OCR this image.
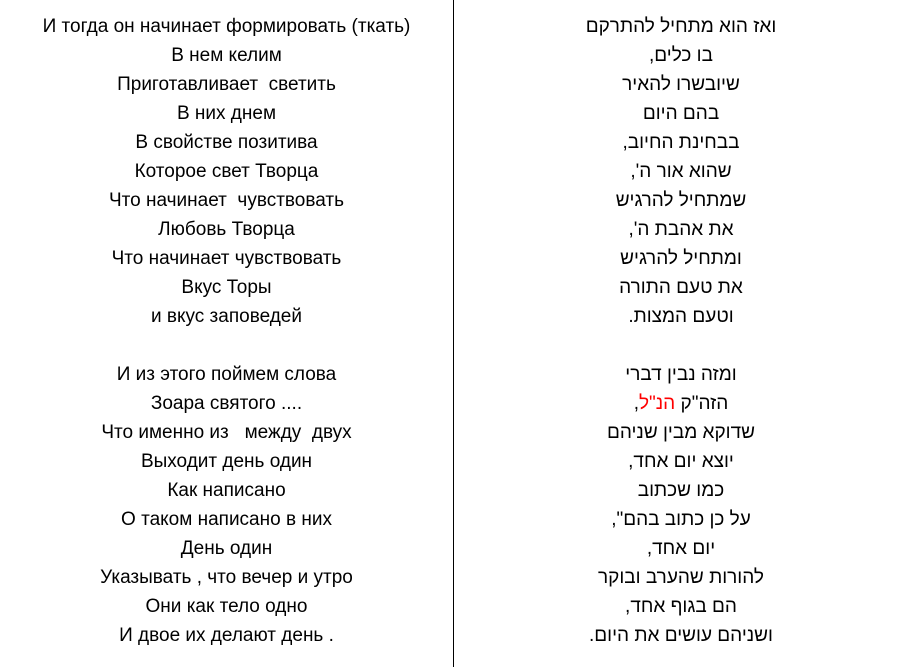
И тогда он начинает формировать (ткать)
В нем келим
Приготавливает  светить
В них днем
В свойстве позитива
Которое свет Творца
Что начинает  чувствовать
Любовь Творца
Что начинает чувствовать
Вкус Торы
и вкус заповедей
И из этого поймем слова
Зоара святого ....
Что именно из   между  двух
Выходит день один
Как написано
О таком написано в них
День один
Указывать , что вечер и утро
Они как тело одно
И двое их делают день .
ואז הוא מתחיל להתרקם
בו כלים,
שיובשרו להאיר
בהם היום
בבחינת החיוב,
שהוא אור ה',
שמתחיל להרגיש
את אהבת ה',
ומתחיל להרגיש
את טעם התורה
וטעם המצות.
ומזה נבין דברי
הזה"ק הנ"ל,
שדוקא מבין שניהם
יוצא יום אחד,
כמו שכתוב
על כן כתוב בהם",
יום אחד,
להורות שהערב ובוקר
הם בגוף אחד,
ושניהם עושים את היום.
